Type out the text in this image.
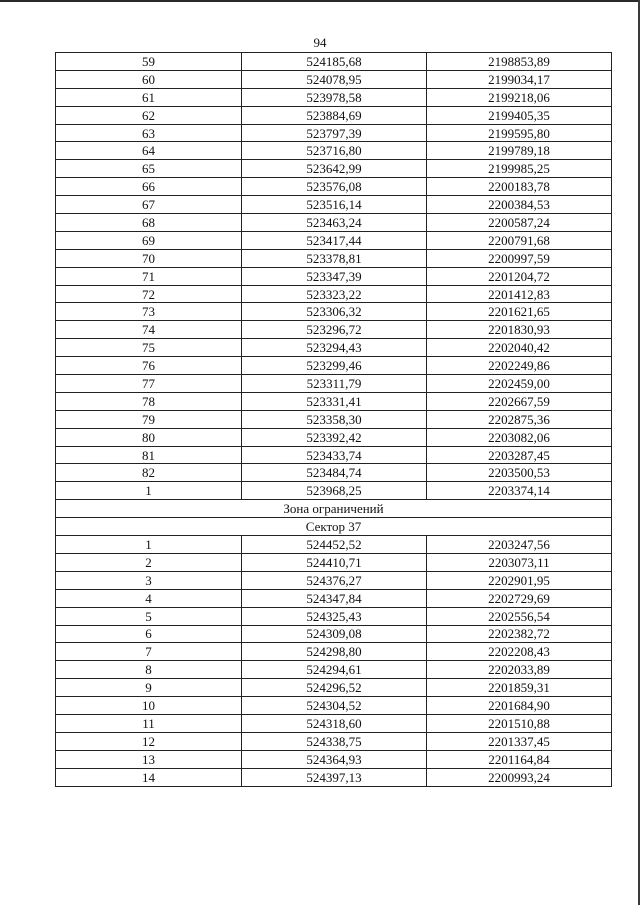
94
59	524185,68	2198853,89
60	524078,95	2199034,17
61	523978,58	2199218,06
62	523884,69	2199405,35
63	523797,39	2199595,80
64	523716,80	2199789,18
65	523642,99	2199985,25
66	523576,08	2200183,78
67	523516,14	2200384,53
68	523463,24	2200587,24
69	523417,44	2200791,68
70	523378,81	2200997,59
71	523347,39	2201204,72
72	523323,22	2201412,83
73	523306,32	2201621,65
74	523296,72	2201830,93
75	523294,43	2202040,42
76	523299,46	2202249,86
77	523311,79	2202459,00
78	523331,41	2202667,59
79	523358,30	2202875,36
80	523392,42	2203082,06
81	523433,74	2203287,45
82	523484,74	2203500,53
1	523968,25	2203374,14
Зона ограничений		
Сектор 37		
1	524452,52	2203247,56
2	524410,71	2203073,11
3	524376,27	2202901,95
4	524347,84	2202729,69
5	524325,43	2202556,54
6	524309,08	2202382,72
7	524298,80	2202208,43
8	524294,61	2202033,89
9	524296,52	2201859,31
10	524304,52	2201684,90
11	524318,60	2201510,88
12	524338,75	2201337,45
13	524364,93	2201164,84
14	524397,13	2200993,24
